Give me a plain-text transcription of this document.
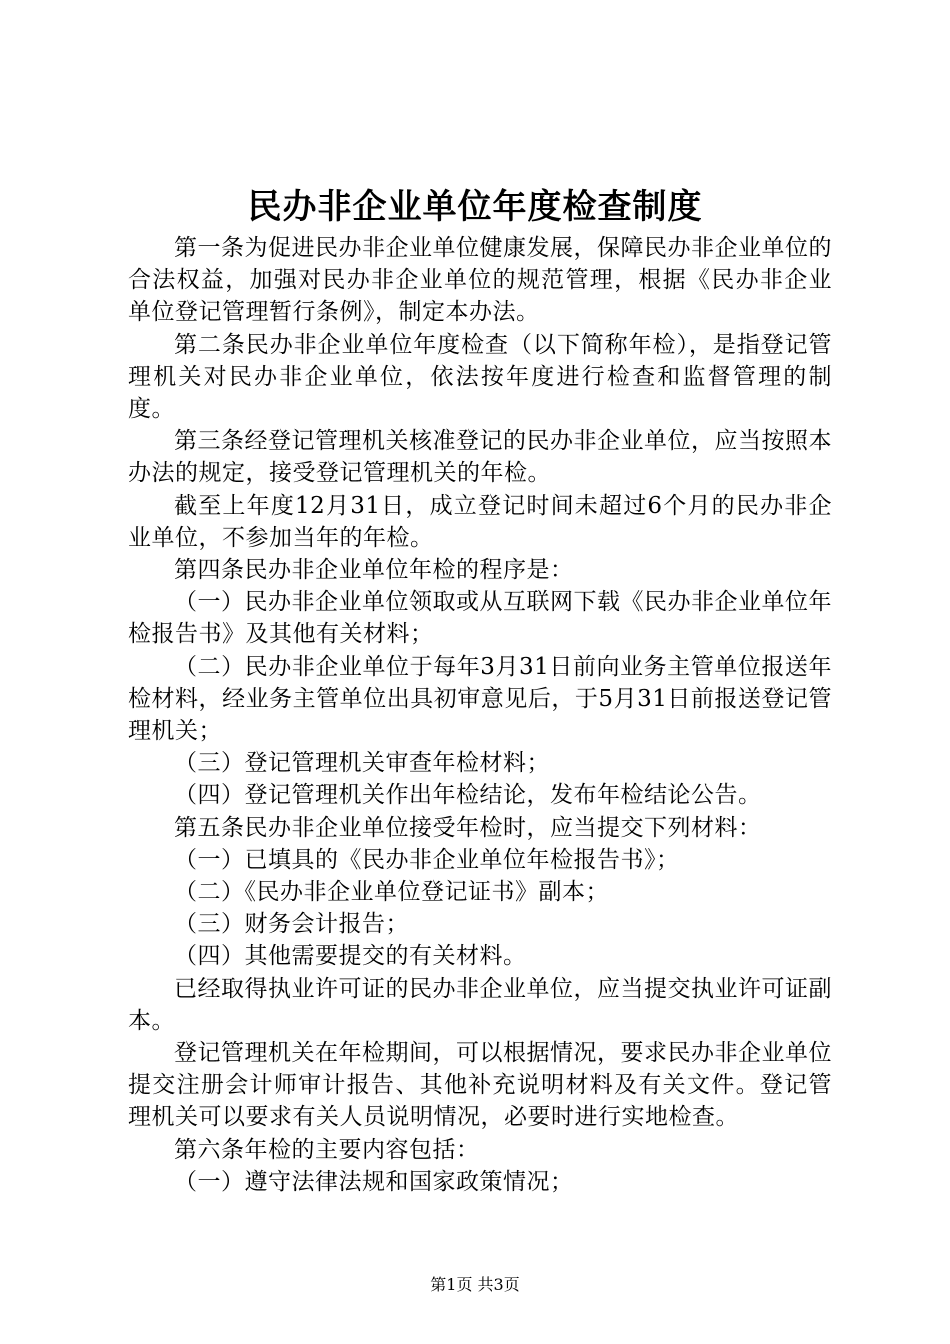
民办非企业单位年度检查制度

第一条为促进民办非企业单位健康发展，保障民办非企业单位的合法权益，加强对民办非企业单位的规范管理，根据《民办非企业单位登记管理暂行条例》，制定本办法。

第二条民办非企业单位年度检查（以下简称年检），是指登记管理机关对民办非企业单位，依法按年度进行检查和监督管理的制度。

第三条经登记管理机关核准登记的民办非企业单位，应当按照本办法的规定，接受登记管理机关的年检。

截至上年度12月31日，成立登记时间未超过6个月的民办非企业单位，不参加当年的年检。

第四条民办非企业单位年检的程序是：

（一）民办非企业单位领取或从互联网下载《民办非企业单位年检报告书》及其他有关材料；

（二）民办非企业单位于每年3月31日前向业务主管单位报送年检材料，经业务主管单位出具初审意见后，于5月31日前报送登记管理机关；

（三）登记管理机关审查年检材料；

（四）登记管理机关作出年检结论，发布年检结论公告。

第五条民办非企业单位接受年检时，应当提交下列材料：

（一）已填具的《民办非企业单位年检报告书》；

（二）《民办非企业单位登记证书》副本；

（三）财务会计报告；

（四）其他需要提交的有关材料。

已经取得执业许可证的民办非企业单位，应当提交执业许可证副本。

登记管理机关在年检期间，可以根据情况，要求民办非企业单位提交注册会计师审计报告、其他补充说明材料及有关文件。登记管理机关可以要求有关人员说明情况，必要时进行实地检查。

第六条年检的主要内容包括：

（一）遵守法律法规和国家政策情况；

第1页 共3页
